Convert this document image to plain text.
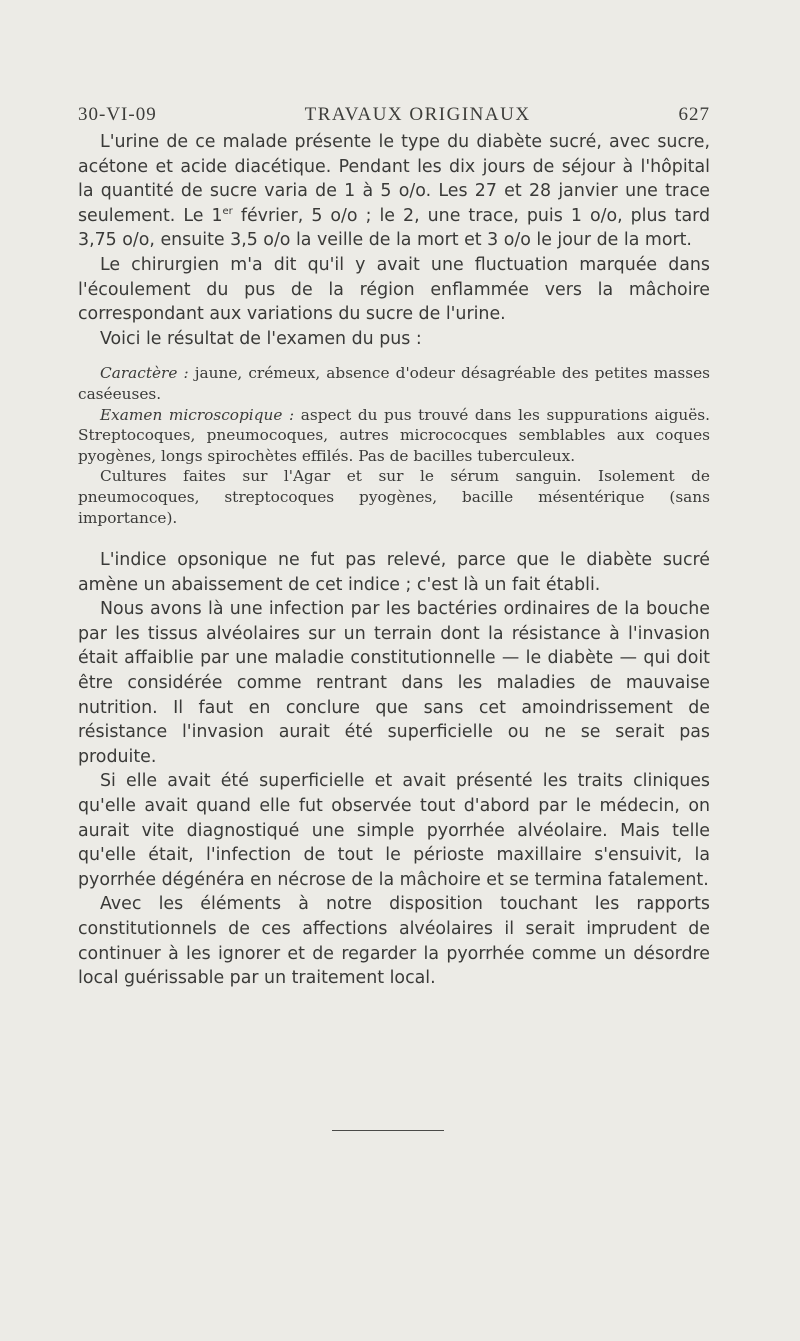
30-VI-09	TRAVAUX ORIGINAUX	627

L'urine de ce malade présente le type du diabète sucré, avec sucre, acétone et acide diacétique. Pendant les dix jours de séjour à l'hôpital la quantité de sucre varia de 1 à 5 o/o. Les 27 et 28 janvier une trace seulement. Le 1er février, 5 o/o ; le 2, une trace, puis 1 o/o, plus tard 3,75 o/o, ensuite 3,5 o/o la veille de la mort et 3 o/o le jour de la mort.

Le chirurgien m'a dit qu'il y avait une fluctuation marquée dans l'écoulement du pus de la région enflammée vers la mâchoire correspondant aux variations du sucre de l'urine.

Voici le résultat de l'examen du pus :

Caractère : jaune, crémeux, absence d'odeur désagréable des petites masses caséeuses.

Examen microscopique : aspect du pus trouvé dans les suppurations aiguës. Streptocoques, pneumocoques, autres micrococques semblables aux coques pyogènes, longs spirochètes effilés. Pas de bacilles tuberculeux.

Cultures faites sur l'Agar et sur le sérum sanguin. Isolement de pneumocoques, streptocoques pyogènes, bacille mésentérique (sans importance).

L'indice opsonique ne fut pas relevé, parce que le diabète sucré amène un abaissement de cet indice ; c'est là un fait établi.

Nous avons là une infection par les bactéries ordinaires de la bouche par les tissus alvéolaires sur un terrain dont la résistance à l'invasion était affaiblie par une maladie constitutionnelle — le diabète — qui doit être considérée comme rentrant dans les maladies de mauvaise nutrition. Il faut en conclure que sans cet amoindrissement de résistance l'invasion aurait été superficielle ou ne se serait pas produite.

Si elle avait été superficielle et avait présenté les traits cliniques qu'elle avait quand elle fut observée tout d'abord par le médecin, on aurait vite diagnostiqué une simple pyorrhée alvéolaire. Mais telle qu'elle était, l'infection de tout le périoste maxillaire s'ensuivit, la pyorrhée dégénéra en nécrose de la mâchoire et se termina fatalement.

Avec les éléments à notre disposition touchant les rapports constitutionnels de ces affections alvéolaires il serait imprudent de continuer à les ignorer et de regarder la pyorrhée comme un désordre local guérissable par un traitement local.
